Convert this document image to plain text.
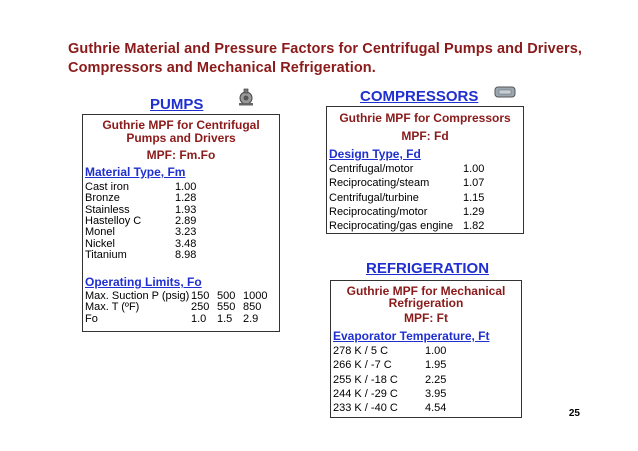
Guthrie Material and Pressure Factors for Centrifugal Pumps and Drivers,
Compressors and Mechanical Refrigeration.
PUMPS
Guthrie MPF for Centrifugal
Pumps and Drivers
MPF: Fm.Fo
Material Type, Fm
Cast iron	1.00
Bronze	1.28
Stainless	1.93
Hastelloy C	2.89
Monel	3.23
Nickel	3.48
Titanium	8.98
Operating Limits, Fo
Max. Suction P (psig) 150 500 1000
Max. T (ºF)	250 550 850
Fo	1.0 1.5 2.9
COMPRESSORS
Guthrie MPF for Compressors
MPF: Fd
Design Type, Fd
Centrifugal/motor	1.00
Reciprocating/steam	1.07
Centrifugal/turbine	1.15
Reciprocating/motor	1.29
Reciprocating/gas engine 1.82
REFRIGERATION
Guthrie MPF for Mechanical
Refrigeration
MPF: Ft
Evaporator Temperature, Ft
278 K / 5 C	1.00
266 K / -7 C	1.95
255 K / -18 C 2.25
244 K / -29 C 3.95
233 K / -40 C 4.54	25
